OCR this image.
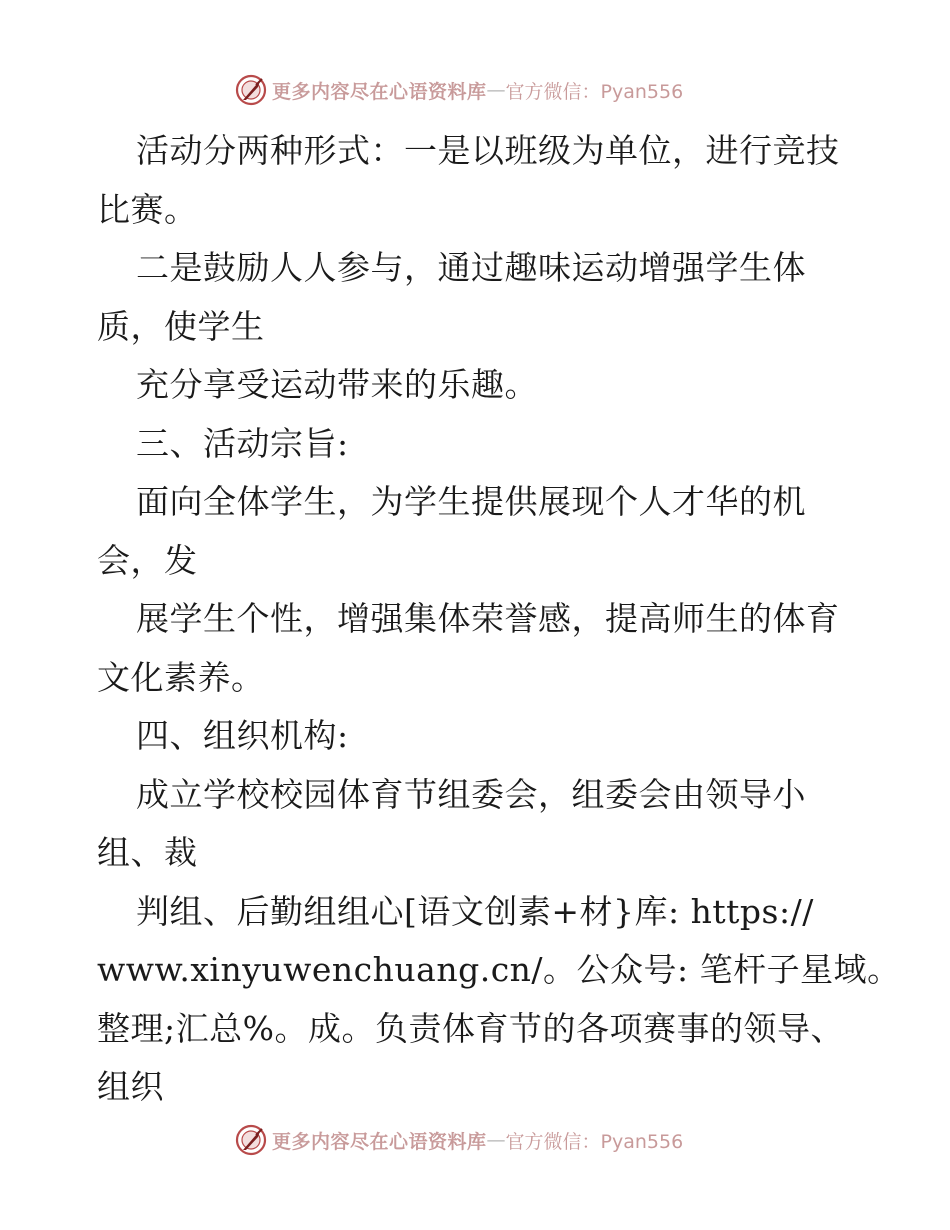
更多内容尽在心语资料库 — 官方微信：Pyan556
活动分两种形式：一是以班级为单位，进行竞技
比赛。
二是鼓励人人参与，通过趣味运动增强学生体
质，使学生
充分享受运动带来的乐趣。
三、活动宗旨:
面向全体学生，为学生提供展现个人才华的机
会，发
展学生个性，增强集体荣誉感，提高师生的体育
文化素养。
四、组织机构:
成立学校校园体育节组委会，组委会由领导小
组、裁
判组、后勤组组心[语文创素+材}库: https://
www.xinyuwenchuang.cn/。公众号: 笔杆子星域。
整理;汇总%。成。负责体育节的各项赛事的领导、
组织
更多内容尽在心语资料库 — 官方微信：Pyan556
